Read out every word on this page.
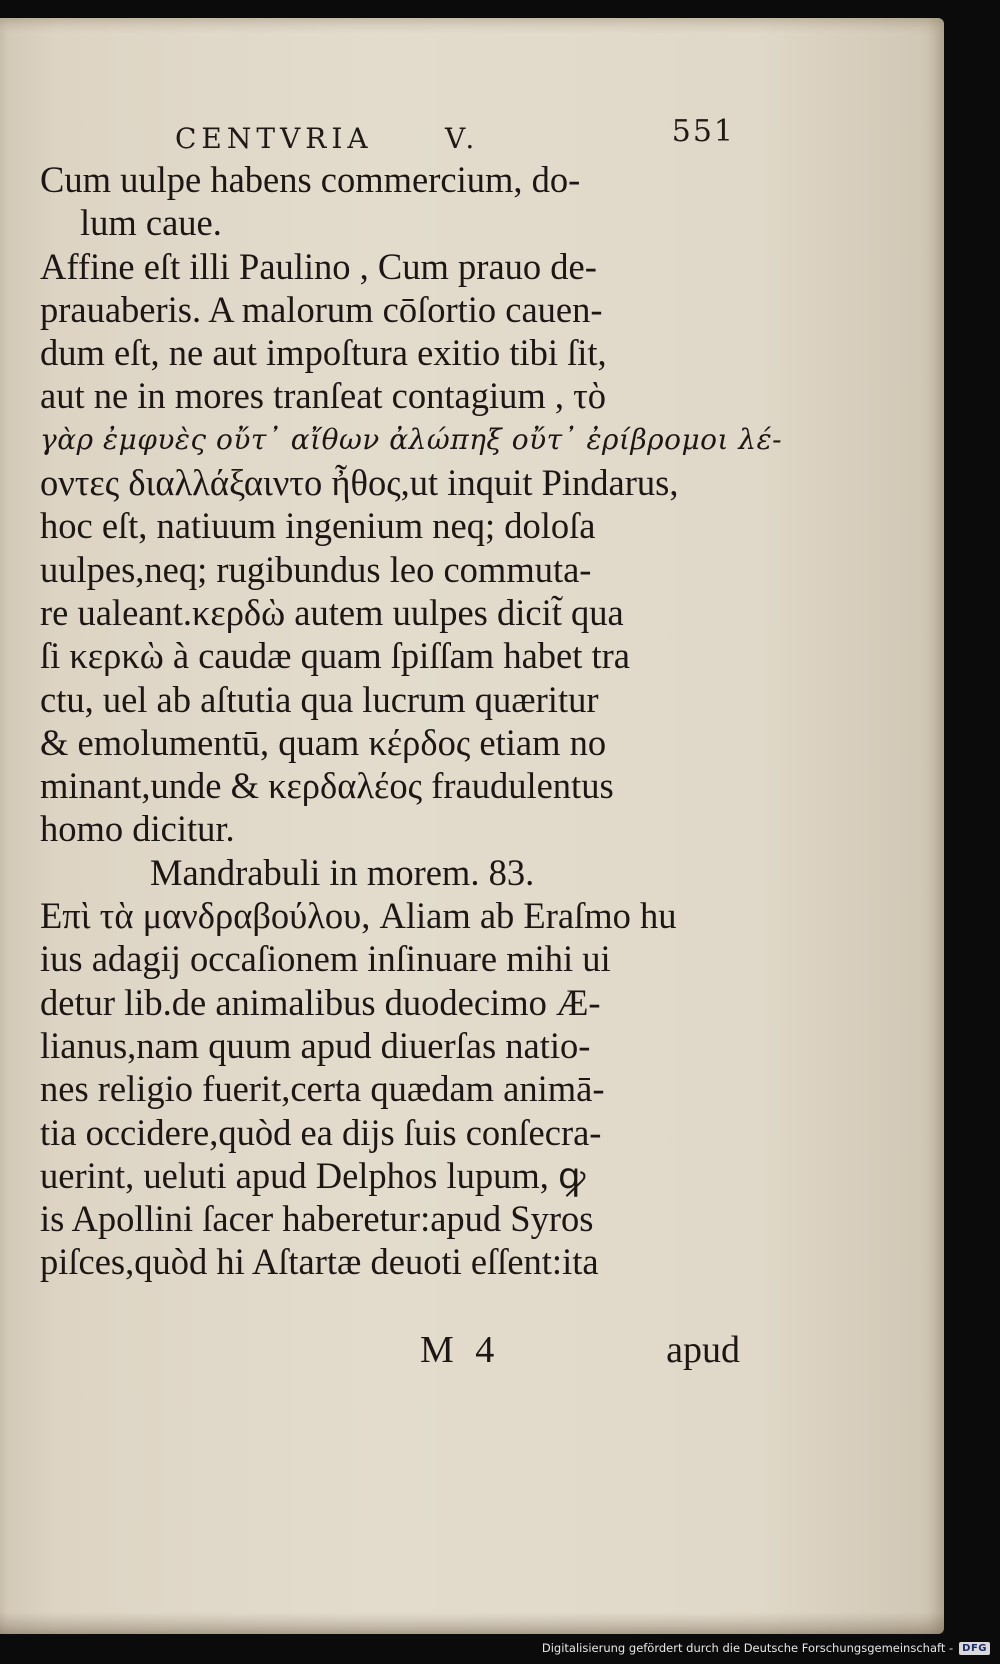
CENTVRIA	V.	551
Cum uulpe habens commercium, do-
lum caue.
Affine eſt illi Paulino , Cum prauo de-
prauaberis. A malorum cōſortio cauen-
dum eſt, ne aut impoſtura exitio tibi ſit,
aut ne in mores tranſeat contagium , τὸ
γὰρ ἐμφυὲς οὔτ᾽ αἴθων ἀλώπηξ οὔτ᾽ ἐρίβρομοι λέ-
οντες διαλλάξαιντο ἦθος,ut inquit Pindarus,
hoc eſt, natiuum ingenium neq; doloſa
uulpes,neq; rugibundus leo commuta-
re ualeant.κερδὼ autem uulpes dicit̃ qua
ſi κερκὼ à caudæ quam ſpiſſam habet tra
ctu, uel ab aſtutia qua lucrum quæritur
& emolumentū, quam κέρδος etiam no
minant,unde & κερδαλέος fraudulentus
homo dicitur.
Mandrabuli in morem. 83.
Επὶ τὰ μανδραβούλου, Aliam ab Eraſmo hu
ius adagij occaſionem inſinuare mihi ui
detur lib.de animalibus duodecimo Æ-
lianus,nam quum apud diuerſas natio-
nes religio fuerit,certa quædam animā-
tia occidere,quòd ea dijs ſuis conſecra-
uerint, ueluti apud Delphos lupum, ꝙ
is Apollini ſacer haberetur:apud Syros
piſces,quòd hi Aſtartæ deuoti eſſent:ita
M 4	apud
Digitalisierung gefördert durch die Deutsche Forschungsgemeinschaft - DFG
